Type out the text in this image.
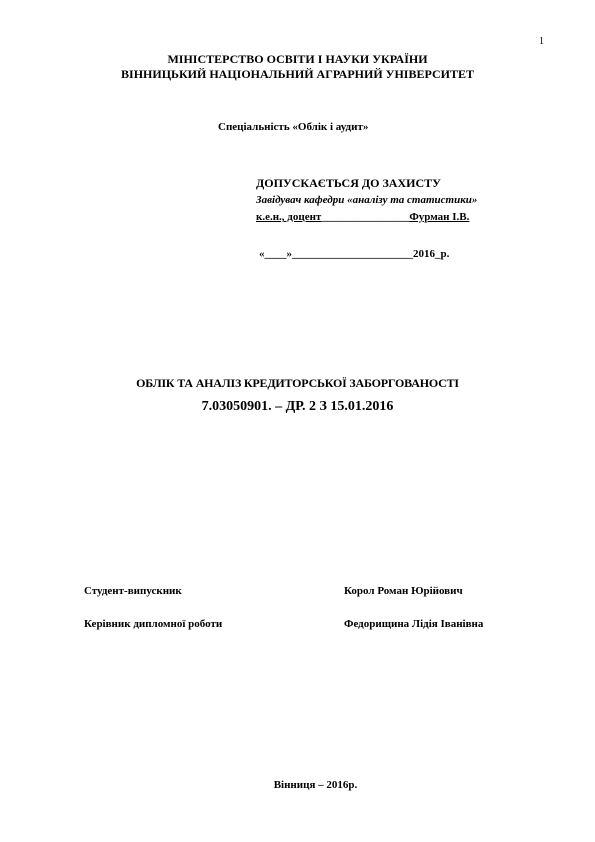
1
МІНІСТЕРСТВО ОСВІТИ І НАУКИ УКРАЇНИ
ВІННИЦЬКИЙ НАЦІОНАЛЬНИЙ АГРАРНИЙ УНІВЕРСИТЕТ
Спеціальність «Облік і аудит»
ДОПУСКАЄТЬСЯ ДО ЗАХИСТУ
Завідувач кафедри «аналізу та статистики»
к.е.н., доцент________________Фурман І.В.
«____»______________________2016_р.
ОБЛІК ТА АНАЛІЗ КРЕДИТОРСЬКОЇ ЗАБОРГОВАНОСТІ
7.03050901. – ДР. 2 З 15.01.2016
Студент-випускник	Корол Роман Юрійович
Керівник дипломної роботи	Федорищина Лідія Іванівна
Вінниця – 2016р.
